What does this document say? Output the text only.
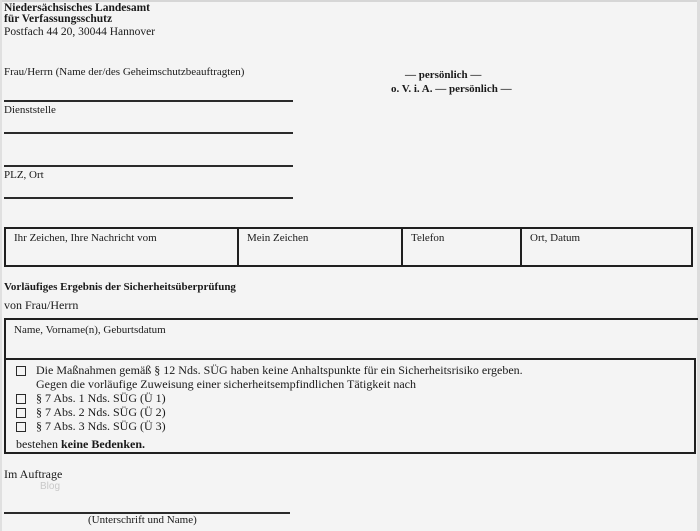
Niedersächsisches Landesamt
für Verfassungsschutz
Postfach 44 20, 30044 Hannover
Frau/Herrn (Name der/des Geheimschutzbeauftragten)
Dienststelle
PLZ, Ort
— persönlich —
o. V. i. A. — persönlich —
Ihr Zeichen, Ihre Nachricht vom	Mein Zeichen	Telefon	Ort, Datum
Vorläufiges Ergebnis der Sicherheitsüberprüfung
von Frau/Herrn
Name, Vorname(n), Geburtsdatum
Die Maßnahmen gemäß § 12 Nds. SÜG haben keine Anhaltspunkte für ein Sicherheitsrisiko ergeben.
Gegen die vorläufige Zuweisung einer sicherheitsempfindlichen Tätigkeit nach
§ 7 Abs. 1 Nds. SÜG (Ü 1)
§ 7 Abs. 2 Nds. SÜG (Ü 2)
§ 7 Abs. 3 Nds. SÜG (Ü 3)
bestehen keine Bedenken.
Im Auftrage
Blog
(Unterschrift und Name)
